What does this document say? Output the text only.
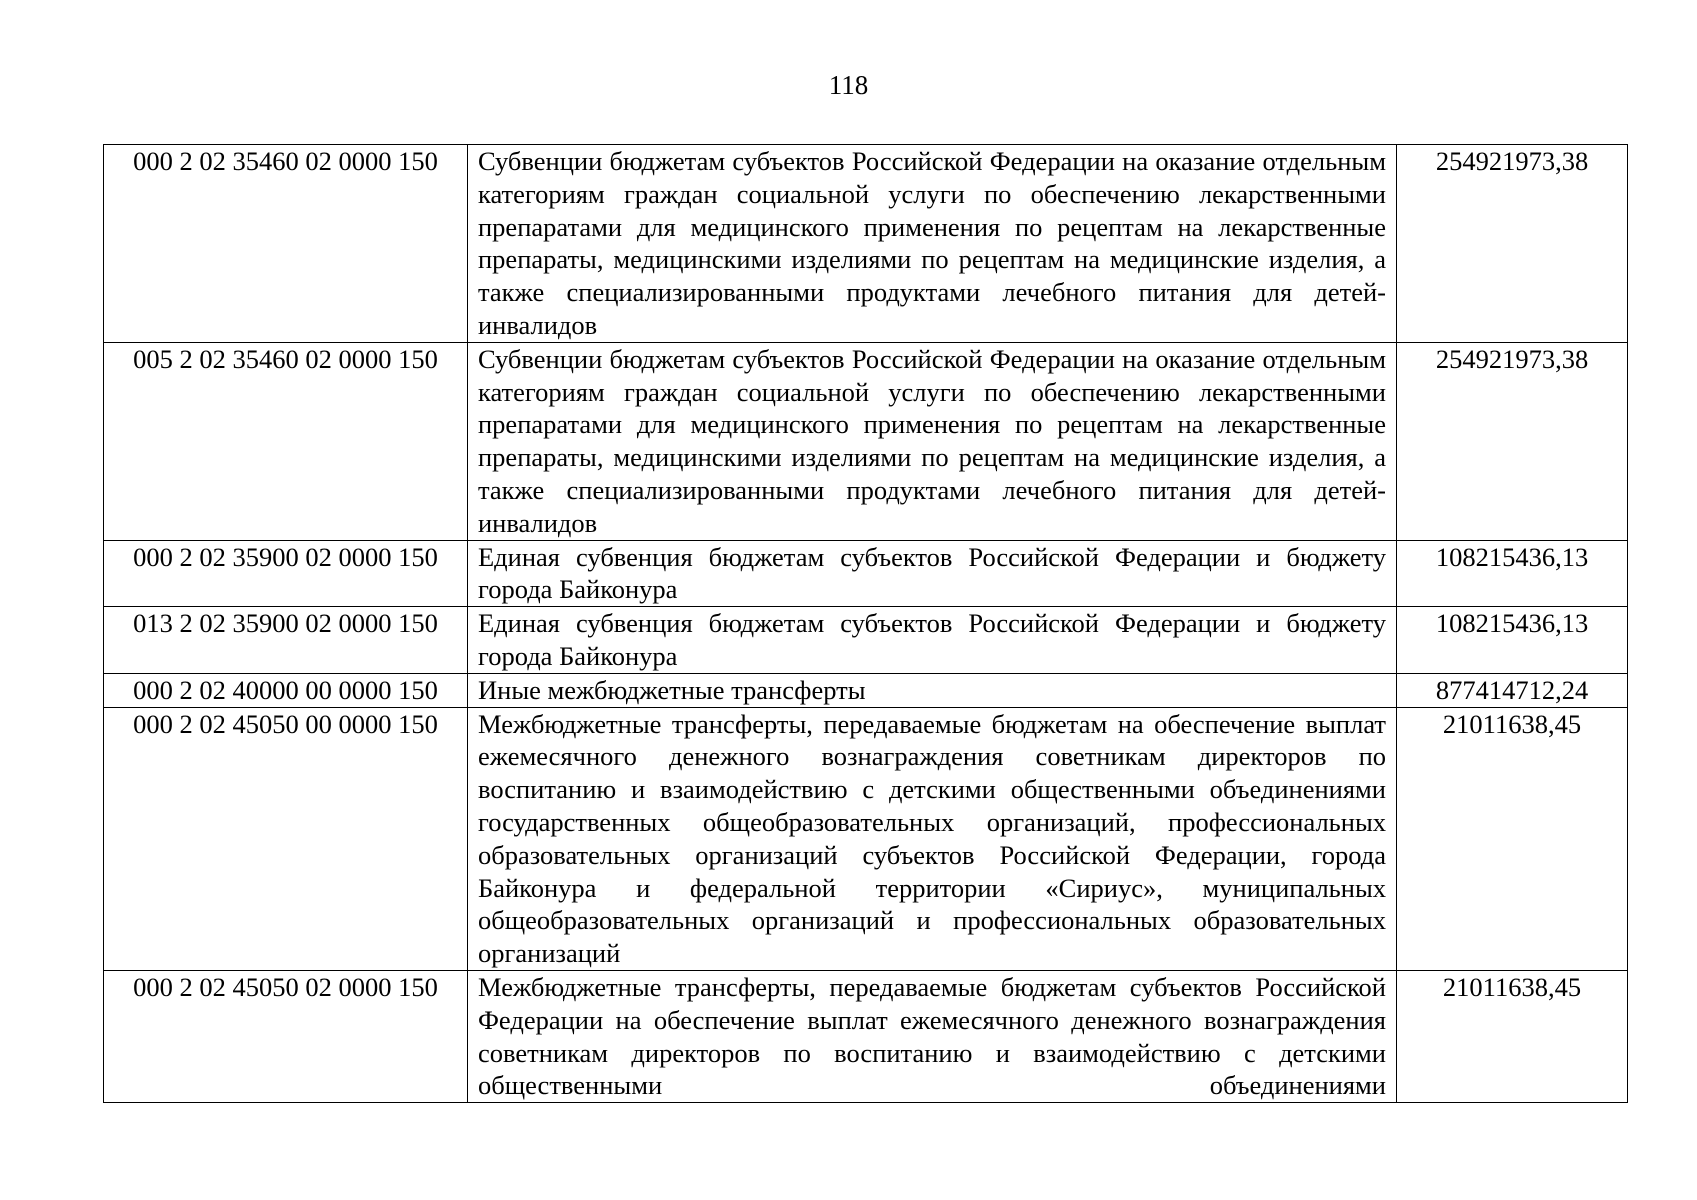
118
000 2 02 35460 02 0000 150	Субвенции бюджетам субъектов Российской Федерации на оказание отдельным категориям граждан социальной услуги по обеспечению лекарственными препаратами для медицинского применения по рецептам на лекарственные препараты, медицинскими изделиями по рецептам на медицинские изделия, а также специализированными продуктами лечебного питания для детей-инвалидов	254921973,38
005 2 02 35460 02 0000 150	Субвенции бюджетам субъектов Российской Федерации на оказание отдельным категориям граждан социальной услуги по обеспечению лекарственными препаратами для медицинского применения по рецептам на лекарственные препараты, медицинскими изделиями по рецептам на медицинские изделия, а также специализированными продуктами лечебного питания для детей-инвалидов	254921973,38
000 2 02 35900 02 0000 150	Единая субвенция бюджетам субъектов Российской Федерации и бюджету города Байконура	108215436,13
013 2 02 35900 02 0000 150	Единая субвенция бюджетам субъектов Российской Федерации и бюджету города Байконура	108215436,13
000 2 02 40000 00 0000 150	Иные межбюджетные трансферты	877414712,24
000 2 02 45050 00 0000 150	Межбюджетные трансферты, передаваемые бюджетам на обеспечение выплат ежемесячного денежного вознаграждения советникам директоров по воспитанию и взаимодействию с детскими общественными объединениями государственных общеобразовательных организаций, профессиональных образовательных организаций субъектов Российской Федерации, города Байконура и федеральной территории «Сириус», муниципальных общеобразовательных организаций и профессиональных образовательных организаций	21011638,45
000 2 02 45050 02 0000 150	Межбюджетные трансферты, передаваемые бюджетам субъектов Российской Федерации на обеспечение выплат ежемесячного денежного вознаграждения советникам директоров по воспитанию и взаимодействию с детскими общественными объединениями	21011638,45
